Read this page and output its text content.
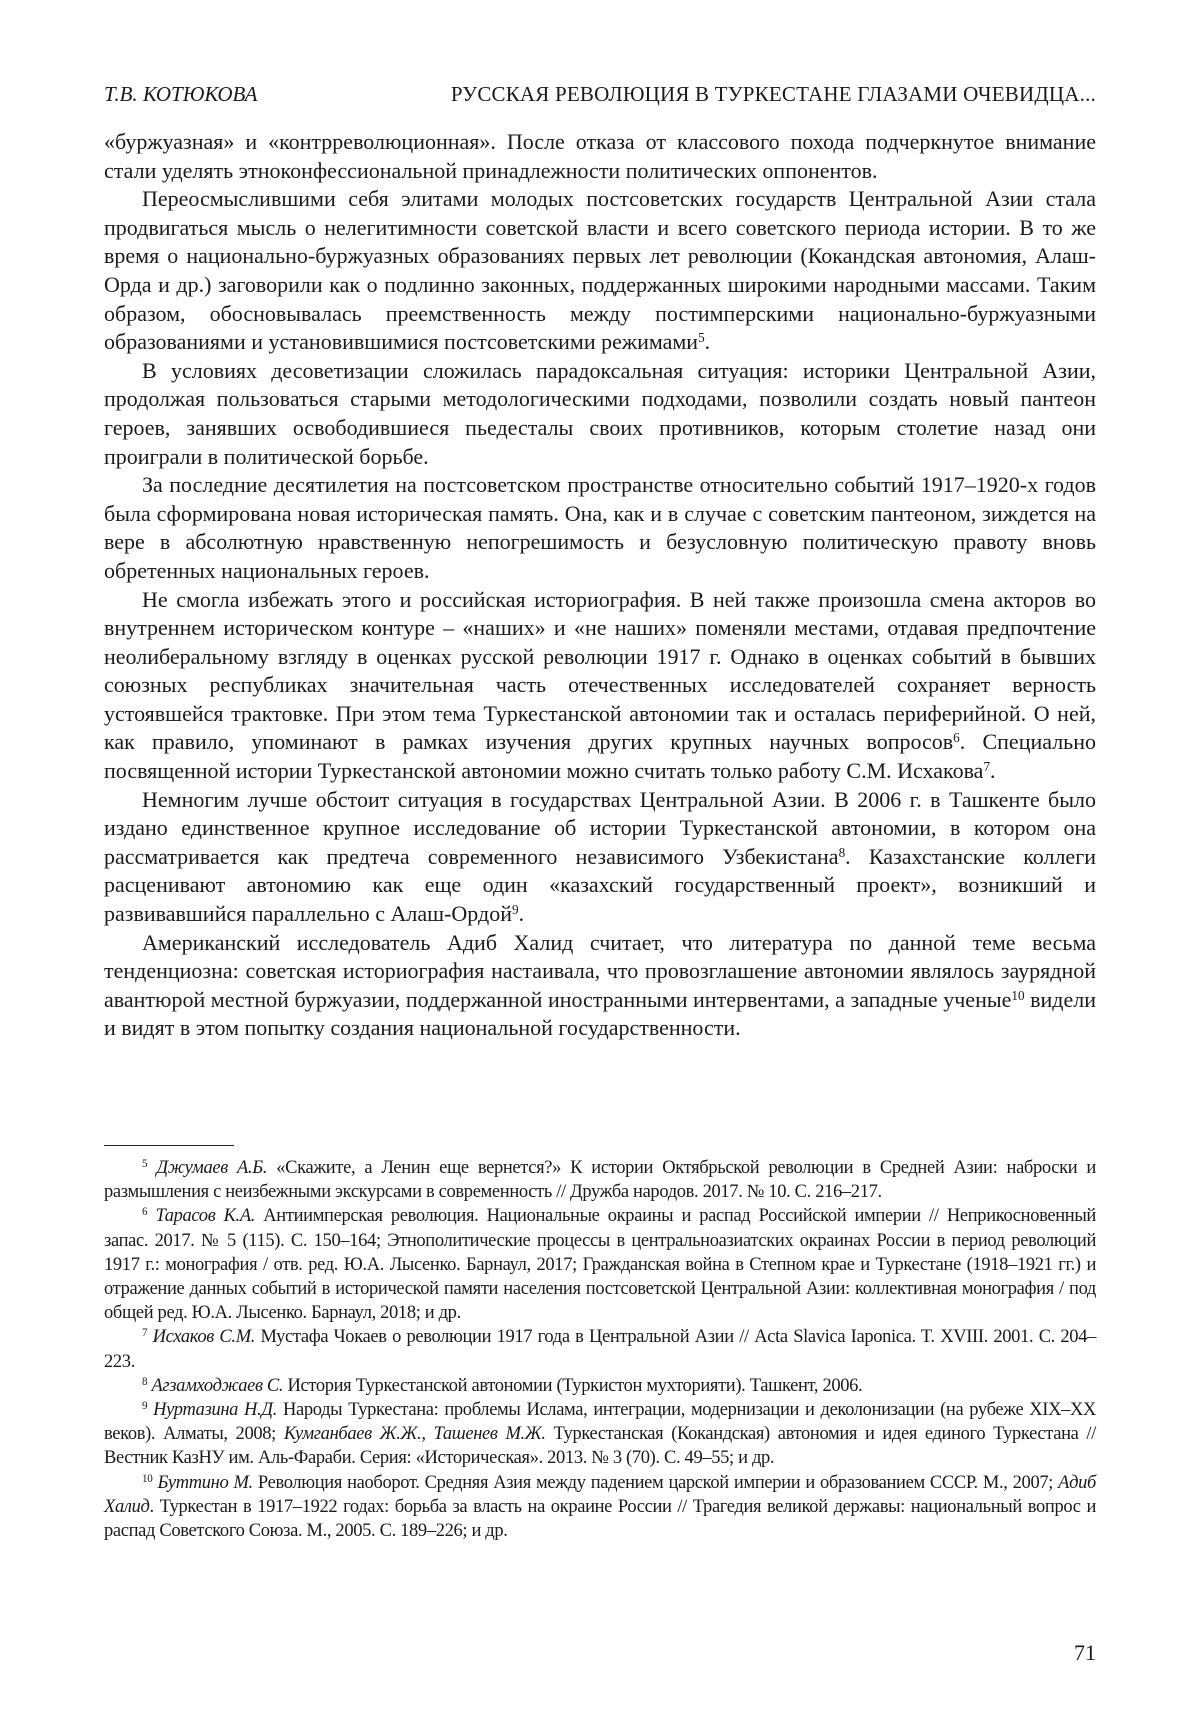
Т.В. КОТЮКОВА	РУССКАЯ РЕВОЛЮЦИЯ В ТУРКЕСТАНЕ ГЛАЗАМИ ОЧЕВИДЦА...

«буржуазная» и «контрреволюционная». После отказа от классового похода подчеркнутое внимание стали уделять этноконфессиональной принадлежности политических оппонентов.

Переосмыслившими себя элитами молодых постсоветских государств Центральной Азии стала продвигаться мысль о нелегитимности советской власти и всего советского периода истории. В то же время о национально-буржуазных образованиях первых лет революции (Кокандская автономия, Алаш-Орда и др.) заговорили как о подлинно законных, поддержанных широкими народными массами. Таким образом, обосновывалась преемственность между постимперскими национально-буржуазными образованиями и установившимися постсоветскими режимами5.

В условиях десоветизации сложилась парадоксальная ситуация: историки Центральной Азии, продолжая пользоваться старыми методологическими подходами, позволили создать новый пантеон героев, занявших освободившиеся пьедесталы своих противников, которым столетие назад они проиграли в политической борьбе.

За последние десятилетия на постсоветском пространстве относительно событий 1917–1920-х годов была сформирована новая историческая память. Она, как и в случае с советским пантеоном, зиждется на вере в абсолютную нравственную непогрешимость и безусловную политическую правоту вновь обретенных национальных героев.

Не смогла избежать этого и российская историография. В ней также произошла смена акторов во внутреннем историческом контуре – «наших» и «не наших» поменяли местами, отдавая предпочтение неолиберальному взгляду в оценках русской революции 1917 г. Однако в оценках событий в бывших союзных республиках значительная часть отечественных исследователей сохраняет верность устоявшейся трактовке. При этом тема Туркестанской автономии так и осталась периферийной. О ней, как правило, упоминают в рамках изучения других крупных научных вопросов6. Специально посвященной истории Туркестанской автономии можно считать только работу С.М. Исхакова7.

Немногим лучше обстоит ситуация в государствах Центральной Азии. В 2006 г. в Ташкенте было издано единственное крупное исследование об истории Туркестанской автономии, в котором она рассматривается как предтеча современного независимого Узбекистана8. Казахстанские коллеги расценивают автономию как еще один «казахский государственный проект», возникший и развивавшийся параллельно с Алаш-Ордой9.

Американский исследователь Адиб Халид считает, что литература по данной теме весьма тенденциозна: советская историография настаивала, что провозглашение автономии являлось заурядной авантюрой местной буржуазии, поддержанной иностранными интервентами, а западные ученые10 видели и видят в этом попытку создания национальной государственности.

5 Джумаев А.Б. «Скажите, а Ленин еще вернется?» К истории Октябрьской революции в Средней Азии: наброски и размышления с неизбежными экскурсами в современность // Дружба народов. 2017. № 10. С. 216–217.

6 Тарасов К.А. Антиимперская революция. Национальные окраины и распад Российской империи // Неприкосновенный запас. 2017. № 5 (115). С. 150–164; Этнополитические процессы в центральноазиатских окраинах России в период революций 1917 г.: монография / отв. ред. Ю.А. Лысенко. Барнаул, 2017; Гражданская война в Степном крае и Туркестане (1918–1921 гг.) и отражение данных событий в исторической памяти населения постсоветской Центральной Азии: коллективная монография / под общей ред. Ю.А. Лысенко. Барнаул, 2018; и др.

7 Исхаков С.М. Мустафа Чокаев о революции 1917 года в Центральной Азии // Acta Slavica Iaponica. T. XVIII. 2001. С. 204–223.

8 Агзамходжаев С. История Туркестанской автономии (Туркистон мухторияти). Ташкент, 2006.

9 Нуртазина Н.Д. Народы Туркестана: проблемы Ислама, интеграции, модернизации и деколонизации (на рубеже XIX–XX веков). Алматы, 2008; Кумганбаев Ж.Ж., Ташенев М.Ж. Туркестанская (Кокандская) автономия и идея единого Туркестана // Вестник КазНУ им. Аль-Фараби. Серия: «Историческая». 2013. № 3 (70). С. 49–55; и др.

10 Буттино М. Революция наоборот. Средняя Азия между падением царской империи и образованием СССР. М., 2007; Адиб Халид. Туркестан в 1917–1922 годах: борьба за власть на окраине России // Трагедия великой державы: национальный вопрос и распад Советского Союза. М., 2005. С. 189–226; и др.

71
